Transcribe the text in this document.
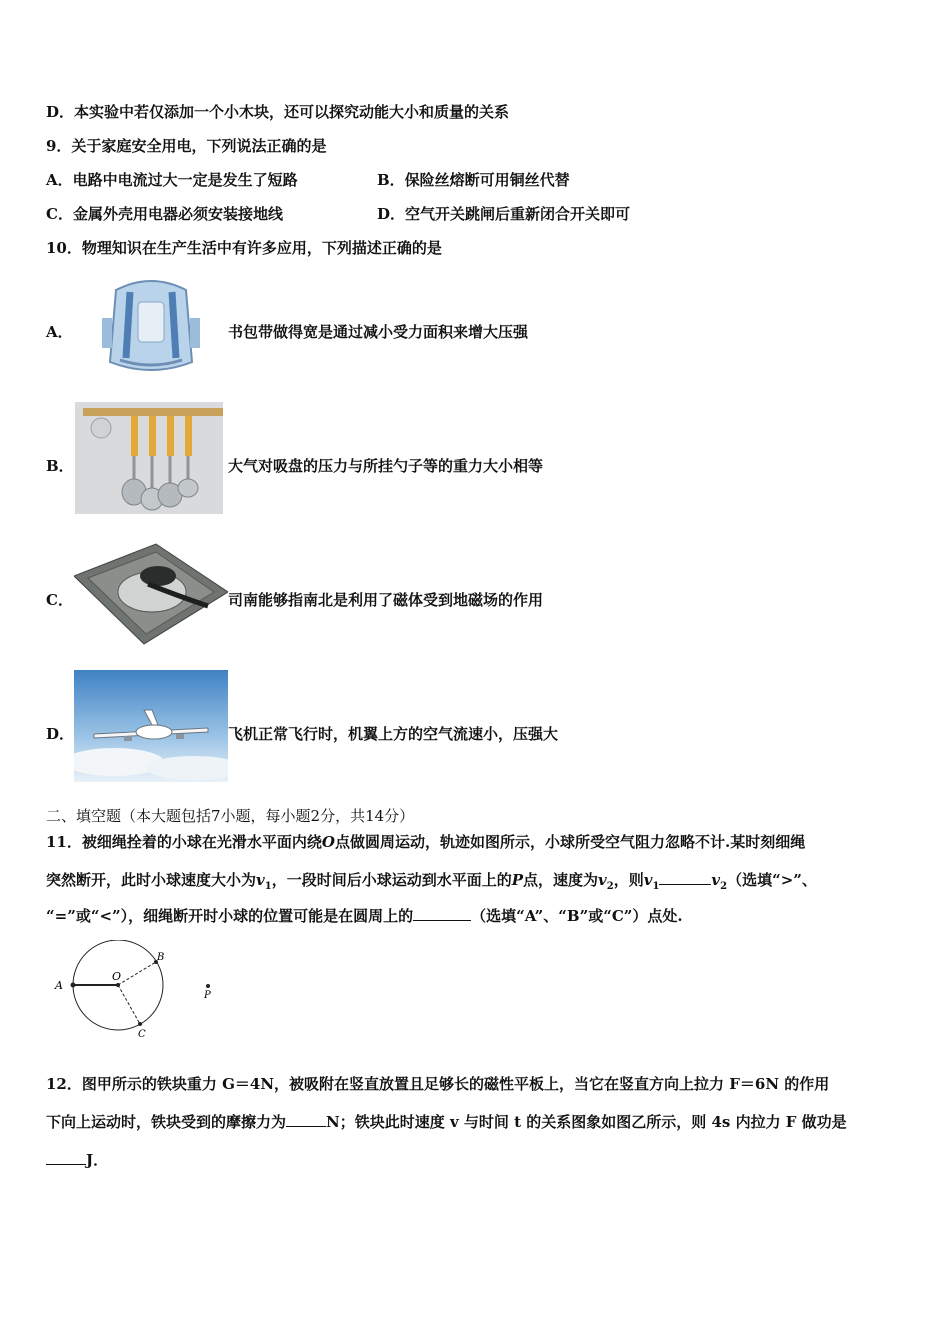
D．本实验中若仅添加一个小木块，还可以探究动能大小和质量的关系
9．关于家庭安全用电，下列说法正确的是
A．电路中电流过大一定是发生了短路	B．保险丝熔断可用铜丝代替
C．金属外壳用电器必须安装接地线	D．空气开关跳闸后重新闭合开关即可
10．物理知识在生产生活中有许多应用，下列描述正确的是
A．	书包带做得宽是通过减小受力面积来增大压强
B．	大气对吸盘的压力与所挂勺子等的重力大小相等
C．	司南能够指南北是利用了磁体受到地磁场的作用
D．	飞机正常飞行时，机翼上方的空气流速小，压强大
二、填空题（本大题包括7小题，每小题2分，共14分）
11．被细绳拴着的小球在光滑水平面内绕O点做圆周运动，轨迹如图所示，小球所受空气阻力忽略不计.某时刻细绳
突然断开，此时小球速度大小为$v_1$，一段时间后小球运动到水平面上的P点，速度为$v_2$，则$v_1$	$v_2$（选填“>”、
“=”或“<”），细绳断开时小球的位置可能是在圆周上的	（选填“A”、“B”或“C”）点处.
A
O
B
C
P
12．图甲所示的铁块重力 G＝4N，被吸附在竖直放置且足够长的磁性平板上，当它在竖直方向上拉力 F＝6N 的作用
下向上运动时，铁块受到的摩擦力为	N；铁块此时速度 v 与时间 t 的关系图象如图乙所示，则 4s 内拉力 F 做功是
J．
